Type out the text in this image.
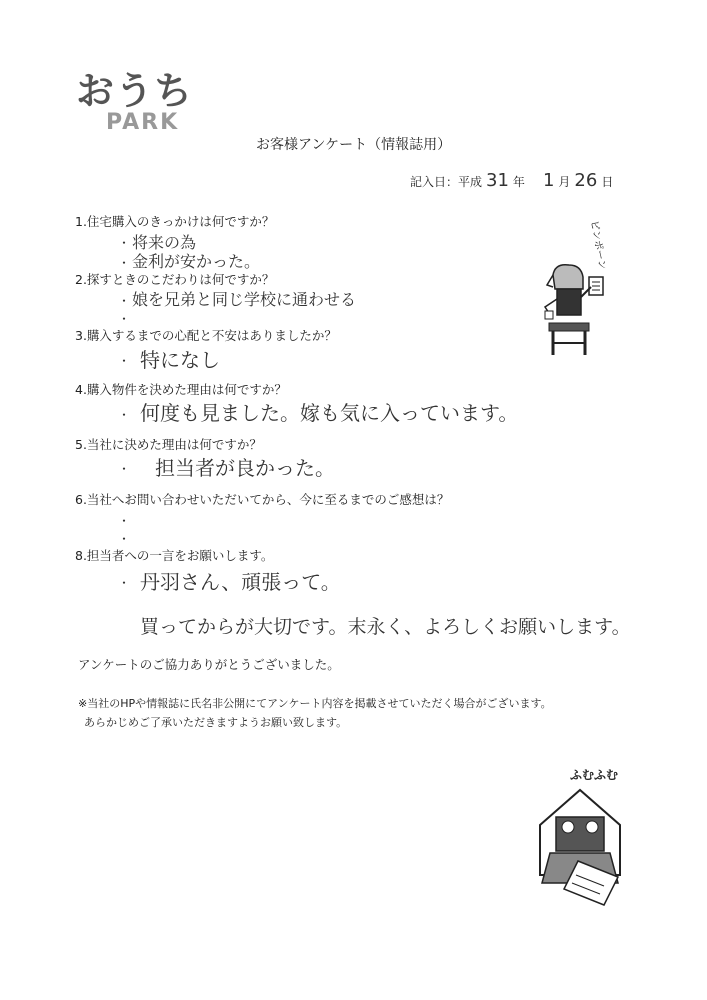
おうち
PARK
お客様アンケート（情報誌用）
記入日：平成 31 年 1 月 26 日
1.住宅購入のきっかけは何ですか？
・ 将来の為
・ 金利が安かった。
2.探すときのこだわりは何ですか？
・ 娘を兄弟と同じ学校に通わせる
・
3.購入するまでの心配と不安はありましたか？
・ 特になし
4.購入物件を決めた理由は何ですか？
・ 何度も見ました。嫁も気に入っています。
5.当社に決めた理由は何ですか？
・ 担当者が良かった。
6.当社へお問い合わせいただいてから、今に至るまでのご感想は？
・
・
8.担当者への一言をお願いします。
・ 丹羽さん、頑張って。
買ってからが大切です。末永く、よろしくお願いします。
アンケートのご協力ありがとうございました。
※当社のHPや情報誌に氏名非公開にてアンケート内容を掲載させていただく場合がございます。
あらかじめご了承いただきますようお願い致します。
ピンポーン
ふむふむ
